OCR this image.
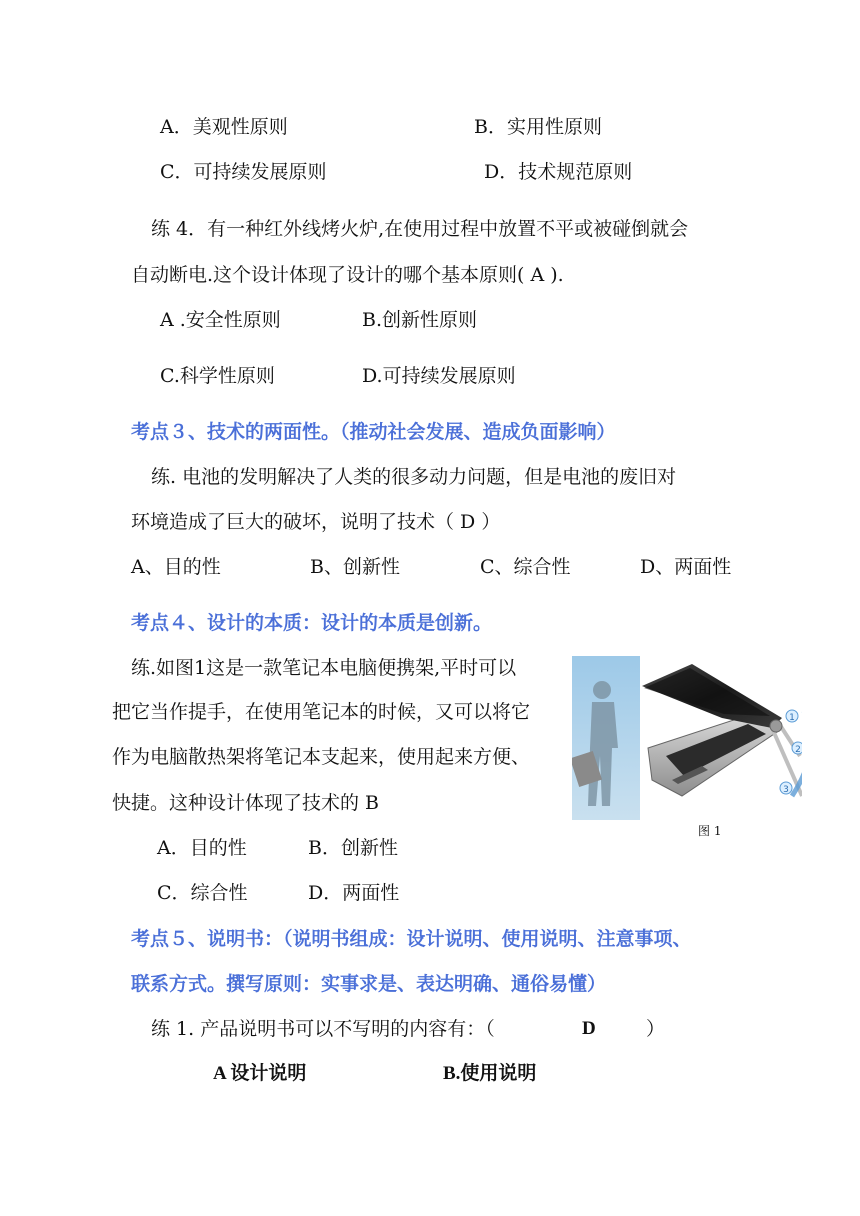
A．美观性原则	B．实用性原则
C．可持续发展原则	D．技术规范原则
练 4．有一种红外线烤火炉,在使用过程中放置不平或被碰倒就会
自动断电.这个设计体现了设计的哪个基本原则( A ).
A .安全性原则	B.创新性原则
C.科学性原则	D.可持续发展原则
考点３、技术的两面性。（推动社会发展、造成负面影响）
练. 电池的发明解决了人类的很多动力问题，但是电池的废旧对
环境造成了巨大的破坏，说明了技术（ D ）
A、目的性	B、创新性	C、综合性	D、两面性
考点４、设计的本质：设计的本质是创新。
练.如图1这是一款笔记本电脑便携架,平时可以
把它当作提手，在使用笔记本的时候，又可以将它
作为电脑散热架将笔记本支起来，使用起来方便、
快捷。这种设计体现了技术的 B
A．目的性	B．创新性
C．综合性	D．两面性
1
2
3
图 1
考点５、说明书：（说明书组成：设计说明、使用说明、注意事项、
联系方式。撰写原则：实事求是、表达明确、通俗易懂）
练 1. 产品说明书可以不写明的内容有：（	D	）
A 设计说明	B.使用说明
